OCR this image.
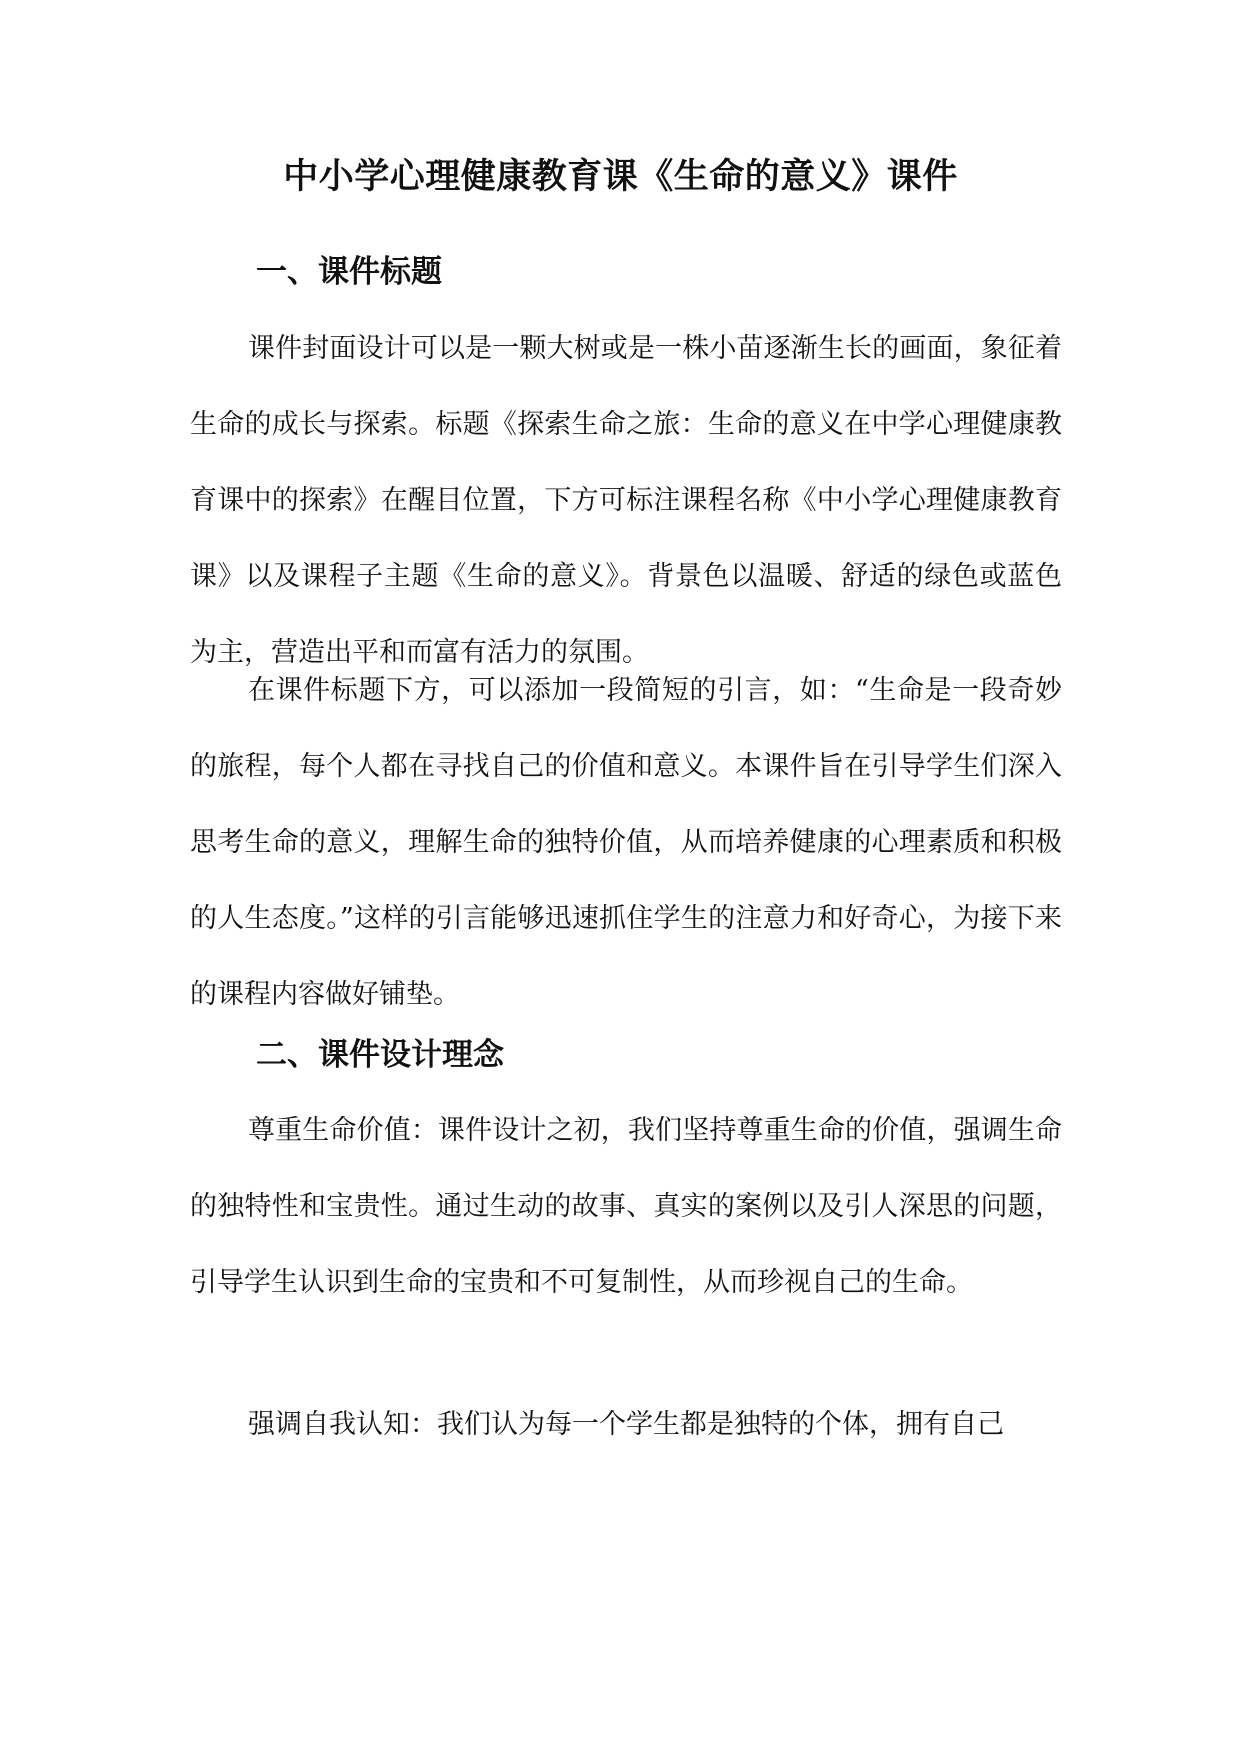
中小学心理健康教育课《生命的意义》课件
一、课件标题

课件封面设计可以是一颗大树或是一株小苗逐渐生长的画面，象征着生命的成长与探索。标题《探索生命之旅：生命的意义在中学心理健康教育课中的探索》在醒目位置，下方可标注课程名称《中小学心理健康教育课》以及课程子主题《生命的意义》。背景色以温暖、舒适的绿色或蓝色为主，营造出平和而富有活力的氛围。

在课件标题下方，可以添加一段简短的引言，如：“生命是一段奇妙的旅程，每个人都在寻找自己的价值和意义。本课件旨在引导学生们深入思考生命的意义，理解生命的独特价值，从而培养健康的心理素质和积极的人生态度。”这样的引言能够迅速抓住学生的注意力和好奇心，为接下来的课程内容做好铺垫。

二、课件设计理念

尊重生命价值：课件设计之初，我们坚持尊重生命的价值，强调生命的独特性和宝贵性。通过生动的故事、真实的案例以及引人深思的问题，引导学生认识到生命的宝贵和不可复制性，从而珍视自己的生命。

强调自我认知：我们认为每一个学生都是独特的个体，拥有自己
